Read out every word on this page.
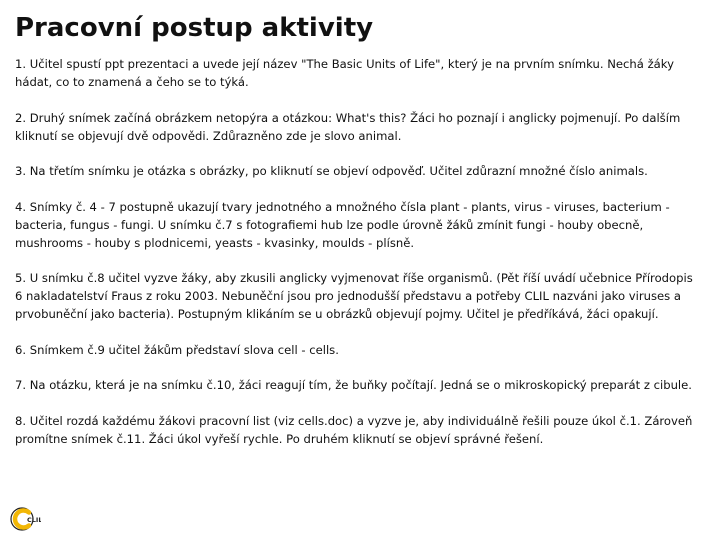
Pracovní postup aktivity

1. Učitel spustí ppt prezentaci a uvede její název "The Basic Units of Life", který je na prvním snímku. Nechá žáky hádat, co to znamená a čeho se to týká.

2. Druhý snímek začíná obrázkem netopýra a otázkou: What's this? Žáci ho poznají i anglicky pojmenují. Po dalším kliknutí se objevují dvě odpovědi. Zdůrazněno zde je slovo animal.

3. Na třetím snímku je otázka s obrázky, po kliknutí se objeví odpověď. Učitel zdůrazní množné číslo animals.

4. Snímky č. 4 - 7 postupně ukazují tvary jednotného a množného čísla plant - plants, virus - viruses, bacterium - bacteria, fungus - fungi. U snímku č.7 s fotografiemi hub lze podle úrovně žáků zmínit fungi - houby obecně, mushrooms - houby s plodnicemi, yeasts - kvasinky, moulds - plísně.

5. U snímku č.8 učitel vyzve žáky, aby zkusili anglicky vyjmenovat říše organismů. (Pět říší uvádí učebnice Přírodopis 6 nakladatelství Fraus z roku 2003. Nebuněční jsou pro jednodušší představu a potřeby CLIL nazváni jako viruses a prvobuněční jako bacteria). Postupným klikáním se u obrázků objevují pojmy. Učitel je předříkává, žáci opakují.

6. Snímkem č.9 učitel žákům představí slova cell - cells.

7. Na otázku, která je na snímku č.10, žáci reagují tím, že buňky počítají. Jedná se o mikroskopický preparát z cibule.

8. Učitel rozdá každému žákovi pracovní list (viz cells.doc) a vyzve je, aby individuálně řešili pouze úkol č.1. Zároveň promítne snímek č.11. Žáci úkol vyřeší rychle. Po druhém kliknutí se objeví správné řešení.

CLIL
